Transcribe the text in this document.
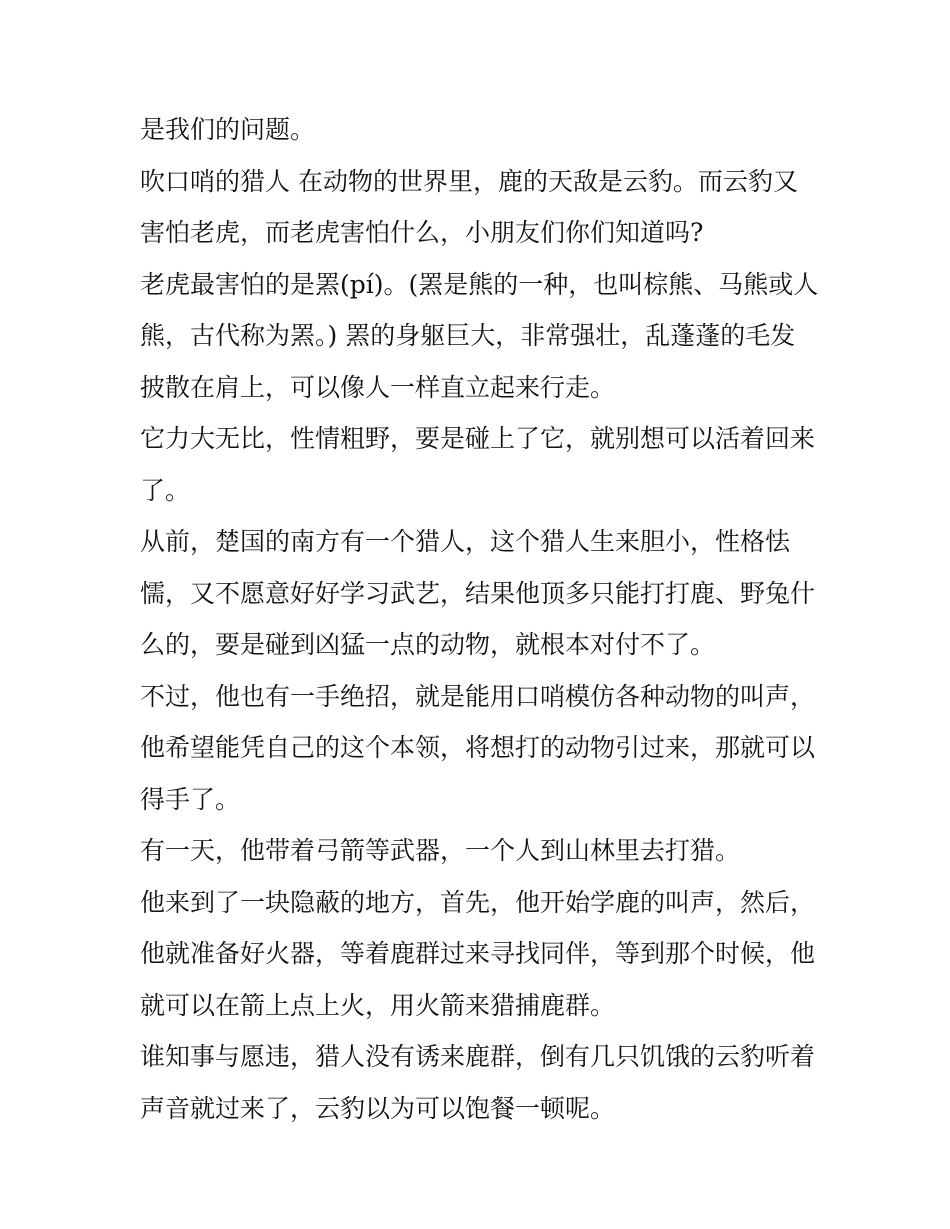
是我们的问题。
吹口哨的猎人 在动物的世界里，鹿的天敌是云豹。而云豹又
害怕老虎，而老虎害怕什么，小朋友们你们知道吗?
老虎最害怕的是罴(pí)。(罴是熊的一种，也叫棕熊、马熊或人
熊，古代称为罴。) 罴的身躯巨大，非常强壮，乱蓬蓬的毛发
披散在肩上，可以像人一样直立起来行走。
它力大无比，性情粗野，要是碰上了它，就别想可以活着回来
了。
从前，楚国的南方有一个猎人，这个猎人生来胆小，性格怯
懦，又不愿意好好学习武艺，结果他顶多只能打打鹿、野兔什
么的，要是碰到凶猛一点的动物，就根本对付不了。
不过，他也有一手绝招，就是能用口哨模仿各种动物的叫声，
他希望能凭自己的这个本领，将想打的动物引过来，那就可以
得手了。
有一天，他带着弓箭等武器，一个人到山林里去打猎。
他来到了一块隐蔽的地方，首先，他开始学鹿的叫声，然后，
他就准备好火器，等着鹿群过来寻找同伴，等到那个时候，他
就可以在箭上点上火，用火箭来猎捕鹿群。
谁知事与愿违，猎人没有诱来鹿群，倒有几只饥饿的云豹听着
声音就过来了，云豹以为可以饱餐一顿呢。
